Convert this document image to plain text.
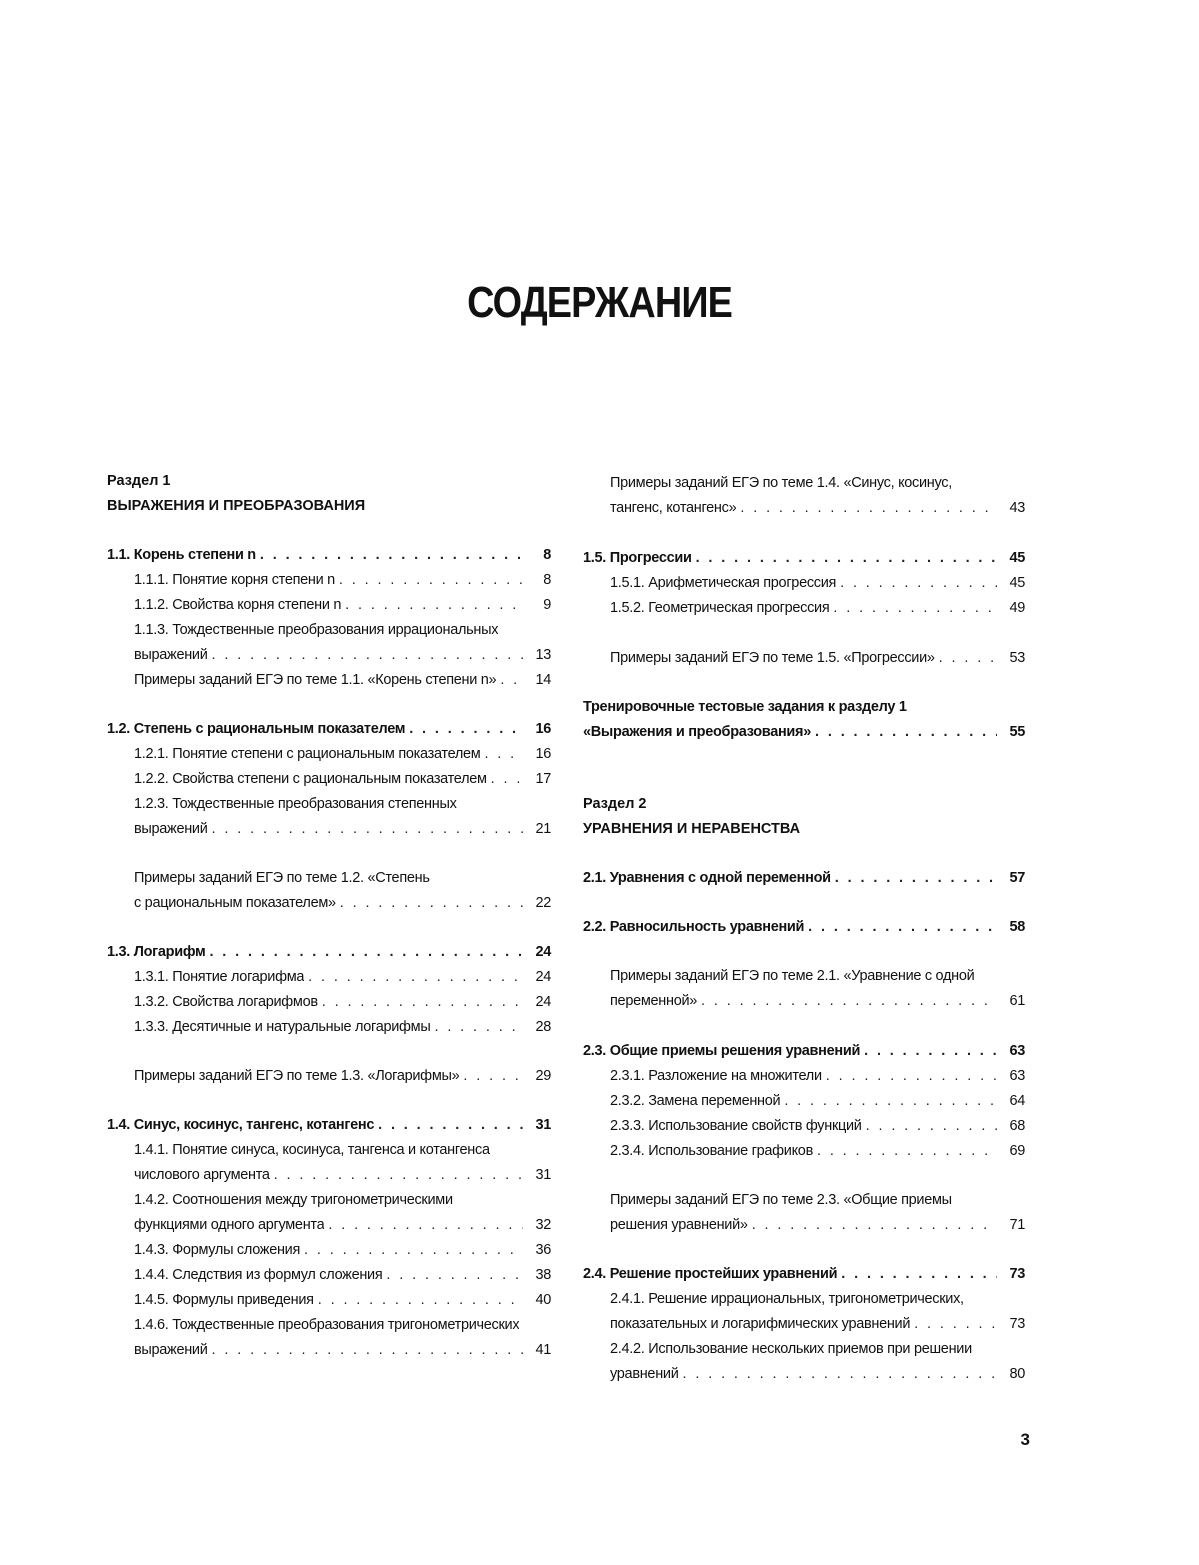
СОДЕРЖАНИЕ
Раздел 1
ВЫРАЖЕНИЯ И ПРЕОБРАЗОВАНИЯ
1.1. Корень степени n . . .	8
1.1.1. Понятие корня степени n . . .	8
1.1.2. Свойства корня степени n . . .	9
1.1.3. Тождественные преобразования иррациональных
выражений . . .	13
Примеры заданий ЕГЭ по теме 1.1. «Корень степени n» . . .	14
1.2. Степень с рациональным показателем . . .	16
1.2.1. Понятие степени с рациональным показателем . . .	16
1.2.2. Свойства степени с рациональным показателем . . .	17
1.2.3. Тождественные преобразования степенных
выражений . . .	21
Примеры заданий ЕГЭ по теме 1.2. «Степень
с рациональным показателем» . . .	22
1.3. Логарифм . . .	24
1.3.1. Понятие логарифма . . .	24
1.3.2. Свойства логарифмов . . .	24
1.3.3. Десятичные и натуральные логарифмы . . .	28
Примеры заданий ЕГЭ по теме 1.3. «Логарифмы» . . .	29
1.4. Синус, косинус, тангенс, котангенс . . .	31
1.4.1. Понятие синуса, косинуса, тангенса и котангенса
числового аргумента . . .	31
1.4.2. Соотношения между тригонометрическими
функциями одного аргумента . . .	32
1.4.3. Формулы сложения . . .	36
1.4.4. Следствия из формул сложения . . .	38
1.4.5. Формулы приведения . . .	40
1.4.6. Тождественные преобразования тригонометрических
выражений . . .	41
Примеры заданий ЕГЭ по теме 1.4. «Синус, косинус,
тангенс, котангенс» . . .	43
1.5. Прогрессии . . .	45
1.5.1. Арифметическая прогрессия . . .	45
1.5.2. Геометрическая прогрессия . . .	49
Примеры заданий ЕГЭ по теме 1.5. «Прогрессии» . . .	53
Тренировочные тестовые задания к разделу 1
«Выражения и преобразования» . . .	55
Раздел 2
УРАВНЕНИЯ И НЕРАВЕНСТВА
2.1. Уравнения с одной переменной . . .	57
2.2. Равносильность уравнений . . .	58
Примеры заданий ЕГЭ по теме 2.1. «Уравнение с одной
переменной» . . .	61
2.3. Общие приемы решения уравнений . . .	63
2.3.1. Разложение на множители . . .	63
2.3.2. Замена переменной . . .	64
2.3.3. Использование свойств функций . . .	68
2.3.4. Использование графиков . . .	69
Примеры заданий ЕГЭ по теме 2.3. «Общие приемы
решения уравнений» . . .	71
2.4. Решение простейших уравнений . . .	73
2.4.1. Решение иррациональных, тригонометрических,
показательных и логарифмических уравнений . . .	73
2.4.2. Использование нескольких приемов при решении
уравнений . . .	80
3
